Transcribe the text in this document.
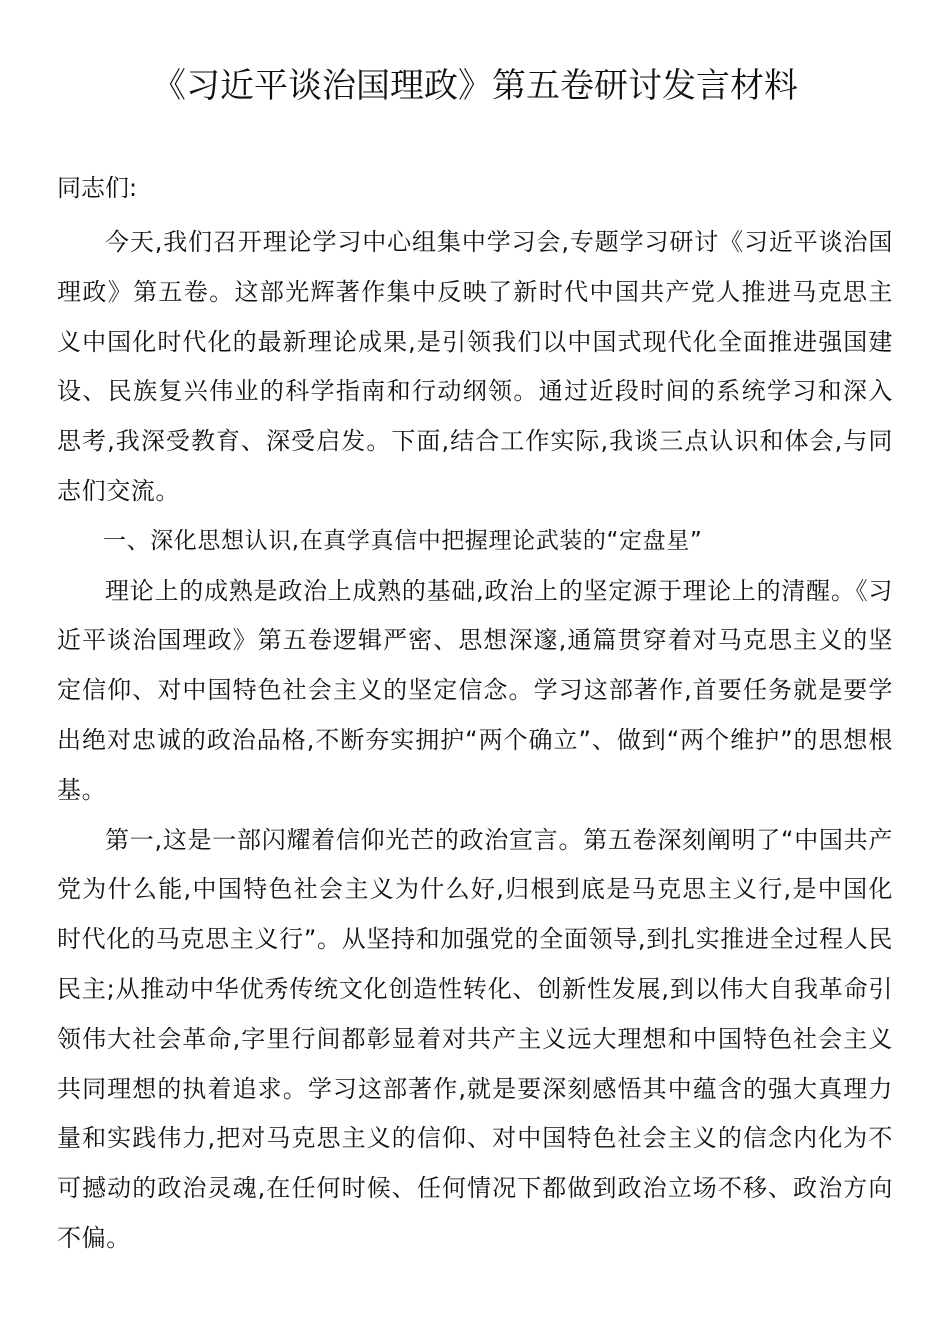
《习近平谈治国理政》第五卷研讨发言材料
同志们:

今天,我们召开理论学习中心组集中学习会,专题学习研讨《习近平谈治国理政》第五卷。这部光辉著作集中反映了新时代中国共产党人推进马克思主义中国化时代化的最新理论成果,是引领我们以中国式现代化全面推进强国建设、民族复兴伟业的科学指南和行动纲领。通过近段时间的系统学习和深入思考,我深受教育、深受启发。下面,结合工作实际,我谈三点认识和体会,与同志们交流。

一、深化思想认识,在真学真信中把握理论武装的“定盘星”

理论上的成熟是政治上成熟的基础,政治上的坚定源于理论上的清醒。《习近平谈治国理政》第五卷逻辑严密、思想深邃,通篇贯穿着对马克思主义的坚定信仰、对中国特色社会主义的坚定信念。学习这部著作,首要任务就是要学出绝对忠诚的政治品格,不断夯实拥护“两个确立”、做到“两个维护”的思想根基。

第一,这是一部闪耀着信仰光芒的政治宣言。第五卷深刻阐明了“中国共产党为什么能,中国特色社会主义为什么好,归根到底是马克思主义行,是中国化时代化的马克思主义行”。从坚持和加强党的全面领导,到扎实推进全过程人民民主;从推动中华优秀传统文化创造性转化、创新性发展,到以伟大自我革命引领伟大社会革命,字里行间都彰显着对共产主义远大理想和中国特色社会主义共同理想的执着追求。学习这部著作,就是要深刻感悟其中蕴含的强大真理力量和实践伟力,把对马克思主义的信仰、对中国特色社会主义的信念内化为不可撼动的政治灵魂,在任何时候、任何情况下都做到政治立场不移、政治方向不偏。
